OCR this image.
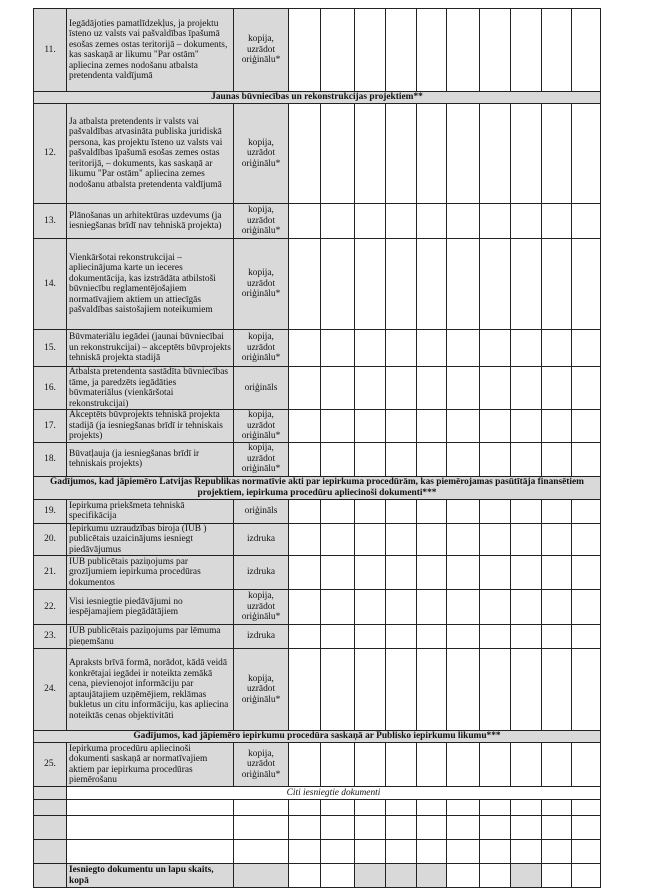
11.	Iegādājoties pamatlīdzekļus, ja projektu īsteno uz valsts vai pašvaldības īpašumā esošas zemes ostas teritorijā – dokuments, kas saskaņā ar likumu "Par ostām" apliecina zemes nodošanu atbalsta pretendenta valdījumā	kopija, uzrādot oriģinālu*										
Jaunas būvniecības un rekonstrukcijas projektiem**												
12.	Ja atbalsta pretendents ir valsts vai pašvaldības atvasināta publiska juridiskā persona, kas projektu īsteno uz valsts vai pašvaldības īpašumā esošas zemes ostas teritorijā, – dokuments, kas saskaņā ar likumu "Par ostām" apliecina zemes nodošanu atbalsta pretendenta valdījumā	kopija, uzrādot oriģinālu*										
13.	Plānošanas un arhitektūras uzdevums (ja iesniegšanas brīdī nav tehniskā projekta)	kopija, uzrādot oriģinālu*										
14.	Vienkāršotai rekonstrukcijai – apliecinājuma karte un ieceres dokumentācija, kas izstrādāta atbilstoši būvniecību reglamentējošajiem normatīvajiem aktiem un attiecīgās pašvaldības saistošajiem noteikumiem	kopija, uzrādot oriģinālu*										
15.	Būvmateriālu iegādei (jaunai būvniecībai un rekonstrukcijai) – akceptēts būvprojekts tehniskā projekta stadijā	kopija, uzrādot oriģinālu*										
16.	Atbalsta pretendenta sastādīta būvniecības tāme, ja paredzēts iegādāties būvmateriālus (vienkāršotai rekonstrukcijai)	oriģināls										
17.	Akceptēts būvprojekts tehniskā projekta stadijā (ja iesniegšanas brīdī ir tehniskais projekts)	kopija, uzrādot oriģinālu*										
18.	Būvatļauja (ja iesniegšanas brīdī ir tehniskais projekts)	kopija, uzrādot oriģinālu*										
Gadījumos, kad jāpiemēro Latvijas Republikas normatīvie akti par iepirkuma procedūrām, kas piemērojamas pasūtītāja finansētiem projektiem, iepirkuma procedūru apliecinoši dokumenti***												
19.	Iepirkuma priekšmeta tehniskā specifikācija	oriģināls										
20.	Iepirkumu uzraudzības biroja (IUB ) publicētais uzaicinājums iesniegt piedāvājumus	izdruka										
21.	IUB publicētais paziņojums par grozījumiem iepirkuma procedūras dokumentos	izdruka										
22.	Visi iesniegtie piedāvājumi no iespējamajiem piegādātājiem	kopija, uzrādot oriģinālu*										
23.	IUB publicētais paziņojums par lēmuma pieņemšanu	izdruka										
24.	Apraksts brīvā formā, norādot, kādā veidā konkrētajai iegādei ir noteikta zemākā cena, pievienojot informāciju par aptaujātajiem uzņēmējiem, reklāmas bukletus un citu informāciju, kas apliecina noteiktās cenas objektivitāti	kopija, uzrādot oriģinālu*										
Gadījumos, kad jāpiemēro iepirkumu procedūra saskaņā ar Publisko iepirkumu likumu***												
25.	Iepirkuma procedūru apliecinoši dokumenti saskaņā ar normatīvajiem aktiem par iepirkuma procedūras piemērošanu	kopija, uzrādot oriģinālu*										
	Citi iesniegtie dokumenti											

	Iesniegto dokumentu un lapu skaits, kopā											
